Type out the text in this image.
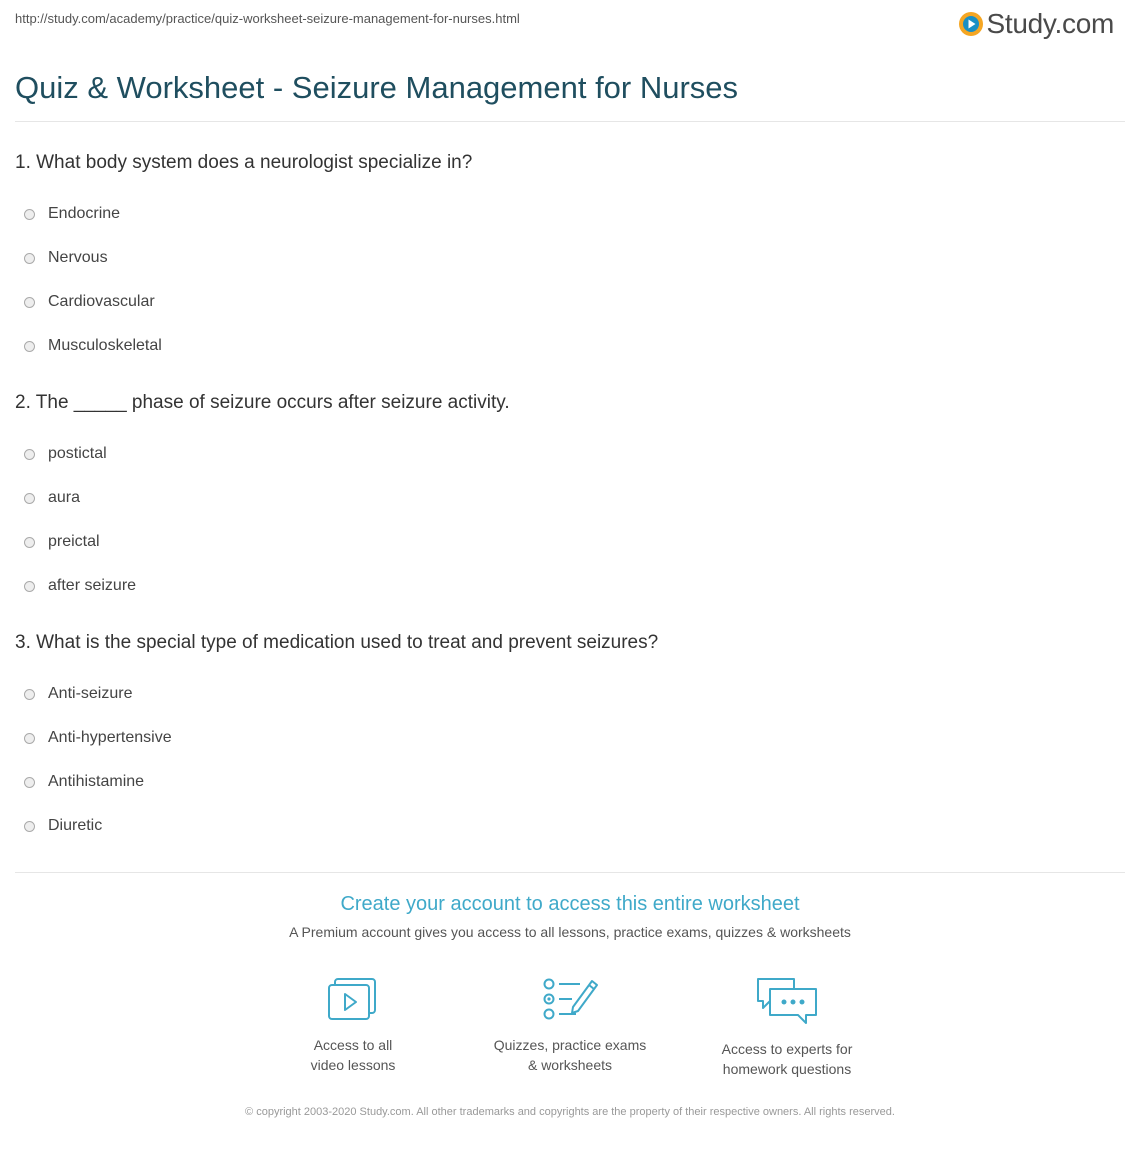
http://study.com/academy/practice/quiz-worksheet-seizure-management-for-nurses.html	Study.com
Quiz & Worksheet - Seizure Management for Nurses
1. What body system does a neurologist specialize in?
Endocrine
Nervous
Cardiovascular
Musculoskeletal
2. The _____ phase of seizure occurs after seizure activity.
postictal
aura
preictal
after seizure
3. What is the special type of medication used to treat and prevent seizures?
Anti-seizure
Anti-hypertensive
Antihistamine
Diuretic

Create your account to access this entire worksheet

A Premium account gives you access to all lessons, practice exams, quizzes & worksheets
Access to all
video lessons
Quizzes, practice exams
& worksheets
Access to experts for
homework questions
© copyright 2003-2020 Study.com. All other trademarks and copyrights are the property of their respective owners. All rights reserved.
